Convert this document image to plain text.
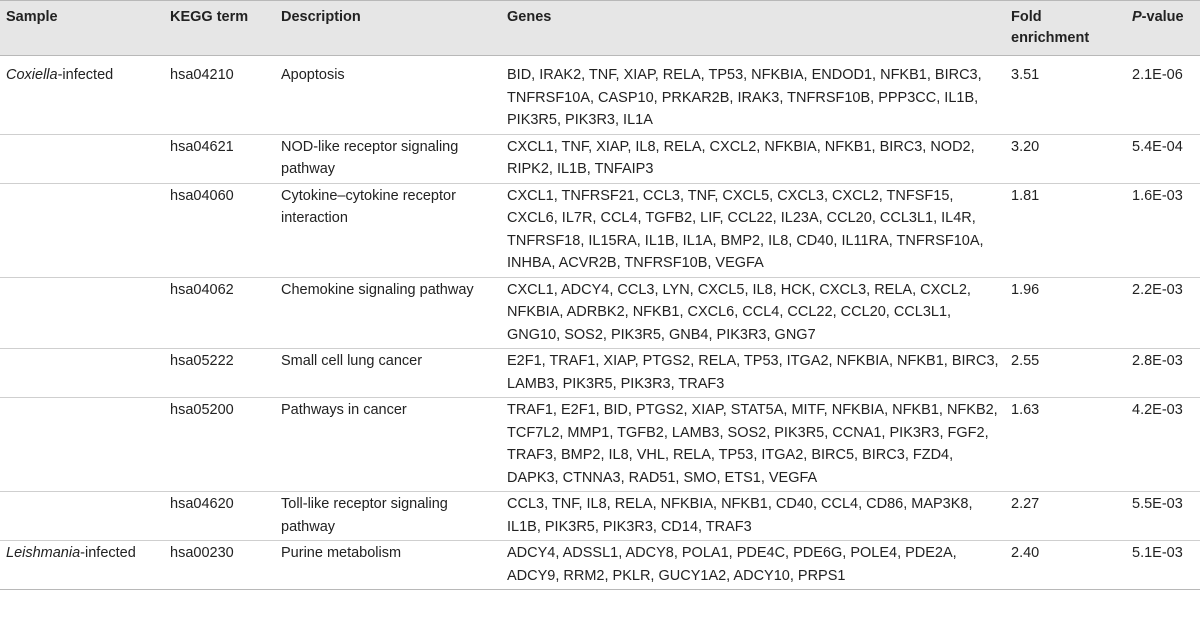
Sample	KEGG term	Description	Genes	Fold enrichment	P-value
Coxiella-infected	hsa04210	Apoptosis	BID, IRAK2, TNF, XIAP, RELA, TP53, NFKBIA, ENDOD1, NFKB1, BIRC3, TNFRSF10A, CASP10, PRKAR2B, IRAK3, TNFRSF10B, PPP3CC, IL1B, PIK3R5, PIK3R3, IL1A	3.51	2.1E-06
	hsa04621	NOD-like receptor signaling pathway	CXCL1, TNF, XIAP, IL8, RELA, CXCL2, NFKBIA, NFKB1, BIRC3, NOD2, RIPK2, IL1B, TNFAIP3	3.20	5.4E-04
	hsa04060	Cytokine–cytokine receptor interaction	CXCL1, TNFRSF21, CCL3, TNF, CXCL5, CXCL3, CXCL2, TNFSF15, CXCL6, IL7R, CCL4, TGFB2, LIF, CCL22, IL23A, CCL20, CCL3L1, IL4R, TNFRSF18, IL15RA, IL1B, IL1A, BMP2, IL8, CD40, IL11RA, TNFRSF10A, INHBA, ACVR2B, TNFRSF10B, VEGFA	1.81	1.6E-03
	hsa04062	Chemokine signaling pathway	CXCL1, ADCY4, CCL3, LYN, CXCL5, IL8, HCK, CXCL3, RELA, CXCL2, NFKBIA, ADRBK2, NFKB1, CXCL6, CCL4, CCL22, CCL20, CCL3L1, GNG10, SOS2, PIK3R5, GNB4, PIK3R3, GNG7	1.96	2.2E-03
	hsa05222	Small cell lung cancer	E2F1, TRAF1, XIAP, PTGS2, RELA, TP53, ITGA2, NFKBIA, NFKB1, BIRC3, LAMB3, PIK3R5, PIK3R3, TRAF3	2.55	2.8E-03
	hsa05200	Pathways in cancer	TRAF1, E2F1, BID, PTGS2, XIAP, STAT5A, MITF, NFKBIA, NFKB1, NFKB2, TCF7L2, MMP1, TGFB2, LAMB3, SOS2, PIK3R5, CCNA1, PIK3R3, FGF2, TRAF3, BMP2, IL8, VHL, RELA, TP53, ITGA2, BIRC5, BIRC3, FZD4, DAPK3, CTNNA3, RAD51, SMO, ETS1, VEGFA	1.63	4.2E-03
	hsa04620	Toll-like receptor signaling pathway	CCL3, TNF, IL8, RELA, NFKBIA, NFKB1, CD40, CCL4, CD86, MAP3K8, IL1B, PIK3R5, PIK3R3, CD14, TRAF3	2.27	5.5E-03
Leishmania-infected	hsa00230	Purine metabolism	ADCY4, ADSSL1, ADCY8, POLA1, PDE4C, PDE6G, POLE4, PDE2A, ADCY9, RRM2, PKLR, GUCY1A2, ADCY10, PRPS1	2.40	5.1E-03
